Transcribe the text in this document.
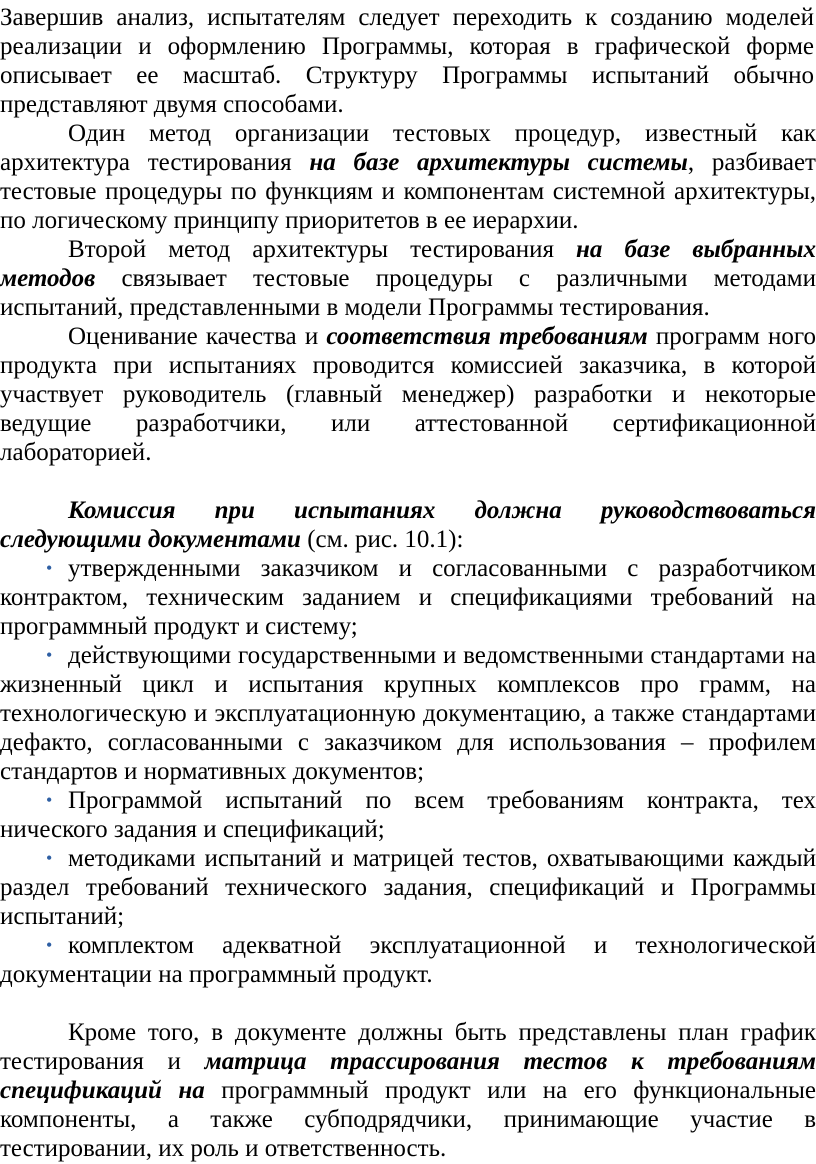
Завершив анализ, испытателям следует переходить к созданию моделей реализации и оформлению Программы, которая в графической форме описывает ее масштаб. Структуру Программы испытаний обычно представляют двумя способами.

Один метод организации тестовых процедур, известный как архитектура тестирования на базе архитектуры системы, разбивает тестовые процедуры по функциям и компонентам системной архитектуры, по логическому принципу приоритетов в ее иерархии.

Второй метод архитектуры тестирования на базе выбранных методов связывает тестовые процедуры с различными методами испытаний, представленными в модели Программы тестирования.

Оценивание качества и соответствия требованиям программ ного продукта при испытаниях проводится комиссией заказчика, в которой участвует руководитель (главный менеджер) разработки и некоторые ведущие разработчики, или аттестованной сертификационной лабораторией.

Комиссия при испытаниях должна руководствоваться следующими документами (см. рис. 10.1):

• утвержденными заказчиком и согласованными с разработчиком контрактом, техническим заданием и спецификациями требований на программный продукт и систему;
• действующими государственными и ведомственными стандартами на жизненный цикл и испытания крупных комплексов про грамм, на технологическую и эксплуатационную документацию, а также стандартами дефакто, согласованными с заказчиком для использования – профилем стандартов и нормативных документов;
• Программой испытаний по всем требованиям контракта, тех нического задания и спецификаций;
• методиками испытаний и матрицей тестов, охватывающими каждый раздел требований технического задания, спецификаций и Программы испытаний;
• комплектом адекватной эксплуатационной и технологической документации на программный продукт.

Кроме того, в документе должны быть представлены план график тестирования и матрица трассирования тестов к требованиям спецификаций на программный продукт или на его функциональные компоненты, а также субподрядчики, принимающие участие в тестировании, их роль и ответственность.
